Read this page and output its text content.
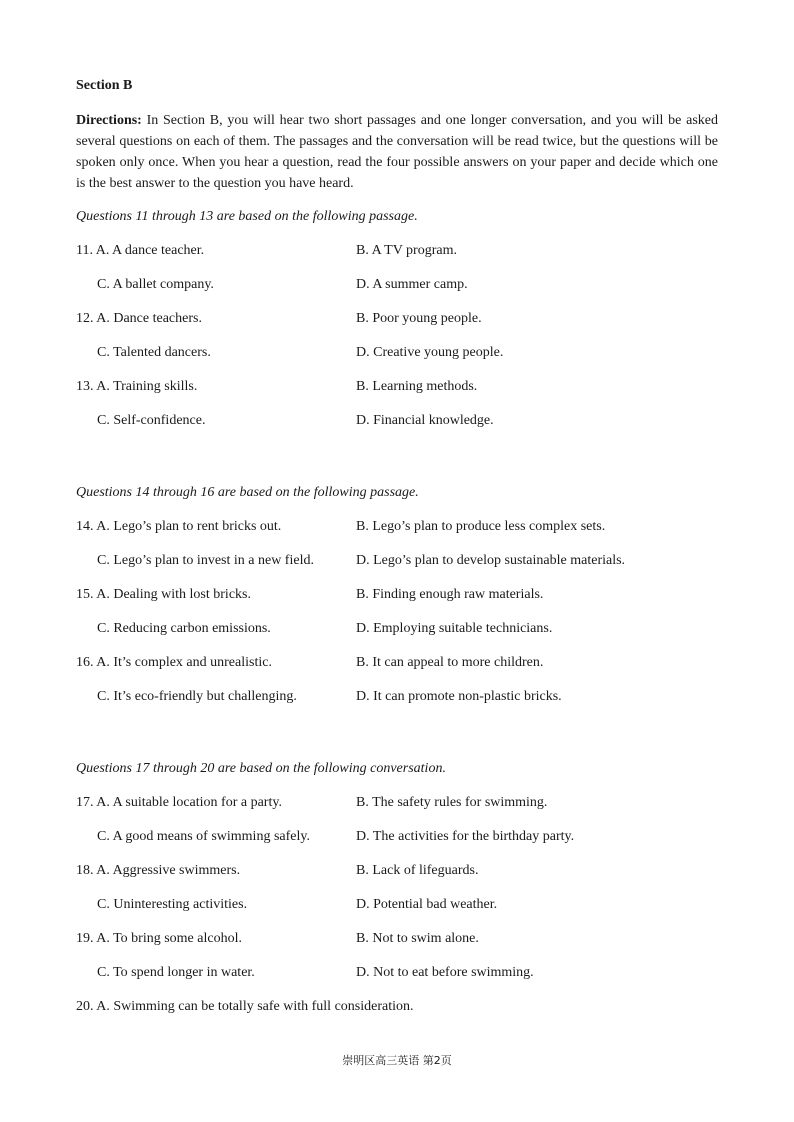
Section B
Directions: In Section B, you will hear two short passages and one longer conversation, and you will be asked several questions on each of them. The passages and the conversation will be read twice, but the questions will be spoken only once. When you hear a question, read the four possible answers on your paper and decide which one is the best answer to the question you have heard.
Questions 11 through 13 are based on the following passage.
11. A. A dance teacher.	B. A TV program.
C. A ballet company.	D. A summer camp.
12. A. Dance teachers.	B. Poor young people.
C. Talented dancers.	D. Creative young people.
13. A. Training skills.	B. Learning methods.
C. Self-confidence.	D. Financial knowledge.
Questions 14 through 16 are based on the following passage.
14. A. Lego’s plan to rent bricks out.	B. Lego’s plan to produce less complex sets.
C. Lego’s plan to invest in a new field.	D. Lego’s plan to develop sustainable materials.
15. A. Dealing with lost bricks.	B. Finding enough raw materials.
C. Reducing carbon emissions.	D. Employing suitable technicians.
16. A. It’s complex and unrealistic.	B. It can appeal to more children.
C. It’s eco-friendly but challenging.	D. It can promote non-plastic bricks.
Questions 17 through 20 are based on the following conversation.
17. A. A suitable location for a party.	B. The safety rules for swimming.
C. A good means of swimming safely.	D. The activities for the birthday party.
18. A. Aggressive swimmers.	B. Lack of lifeguards.
C. Uninteresting activities.	D. Potential bad weather.
19. A. To bring some alcohol.	B. Not to swim alone.
C. To spend longer in water.	D. Not to eat before swimming.
20. A. Swimming can be totally safe with full consideration.
崇明区高三英语 第2页
